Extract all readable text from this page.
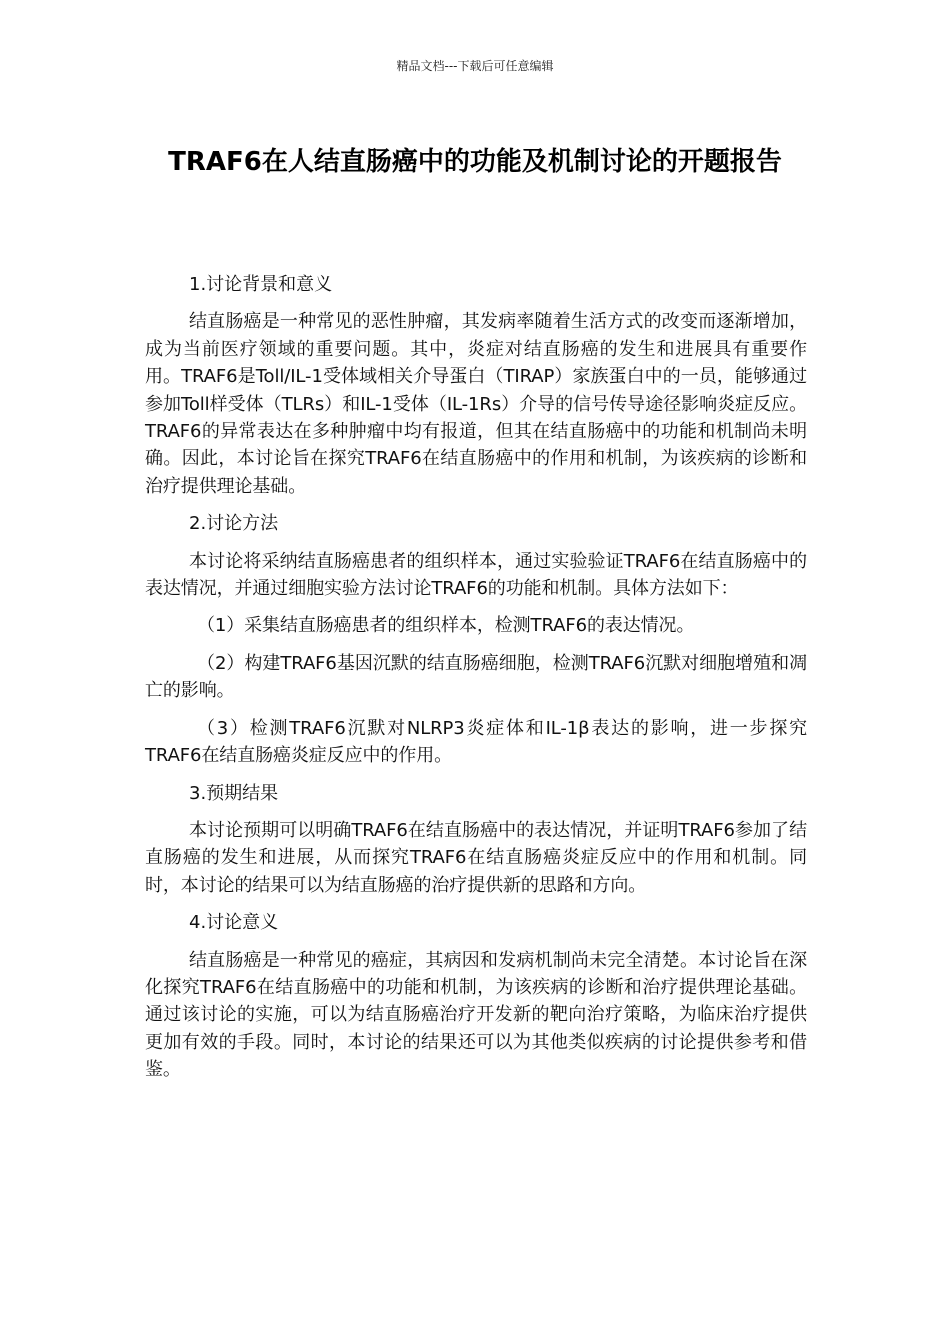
精品文档---下载后可任意编辑
TRAF6在人结直肠癌中的功能及机制讨论的开题报告

1.讨论背景和意义

结直肠癌是一种常见的恶性肿瘤，其发病率随着生活方式的改变而逐渐增加，成为当前医疗领域的重要问题。其中，炎症对结直肠癌的发生和进展具有重要作用。TRAF6是Toll/IL-1受体域相关介导蛋白（TIRAP）家族蛋白中的一员，能够通过参加Toll样受体（TLRs）和IL-1受体（IL-1Rs）介导的信号传导途径影响炎症反应。TRAF6的异常表达在多种肿瘤中均有报道，但其在结直肠癌中的功能和机制尚未明确。因此，本讨论旨在探究TRAF6在结直肠癌中的作用和机制，为该疾病的诊断和治疗提供理论基础。

2.讨论方法

本讨论将采纳结直肠癌患者的组织样本，通过实验验证TRAF6在结直肠癌中的表达情况，并通过细胞实验方法讨论TRAF6的功能和机制。具体方法如下：

（1）采集结直肠癌患者的组织样本，检测TRAF6的表达情况。

（2）构建TRAF6基因沉默的结直肠癌细胞，检测TRAF6沉默对细胞增殖和凋亡的影响。

（3）检测TRAF6沉默对NLRP3炎症体和IL-1β表达的影响，进一步探究TRAF6在结直肠癌炎症反应中的作用。

3.预期结果

本讨论预期可以明确TRAF6在结直肠癌中的表达情况，并证明TRAF6参加了结直肠癌的发生和进展，从而探究TRAF6在结直肠癌炎症反应中的作用和机制。同时，本讨论的结果可以为结直肠癌的治疗提供新的思路和方向。

4.讨论意义

结直肠癌是一种常见的癌症，其病因和发病机制尚未完全清楚。本讨论旨在深化探究TRAF6在结直肠癌中的功能和机制，为该疾病的诊断和治疗提供理论基础。通过该讨论的实施，可以为结直肠癌治疗开发新的靶向治疗策略，为临床治疗提供更加有效的手段。同时，本讨论的结果还可以为其他类似疾病的讨论提供参考和借鉴。
